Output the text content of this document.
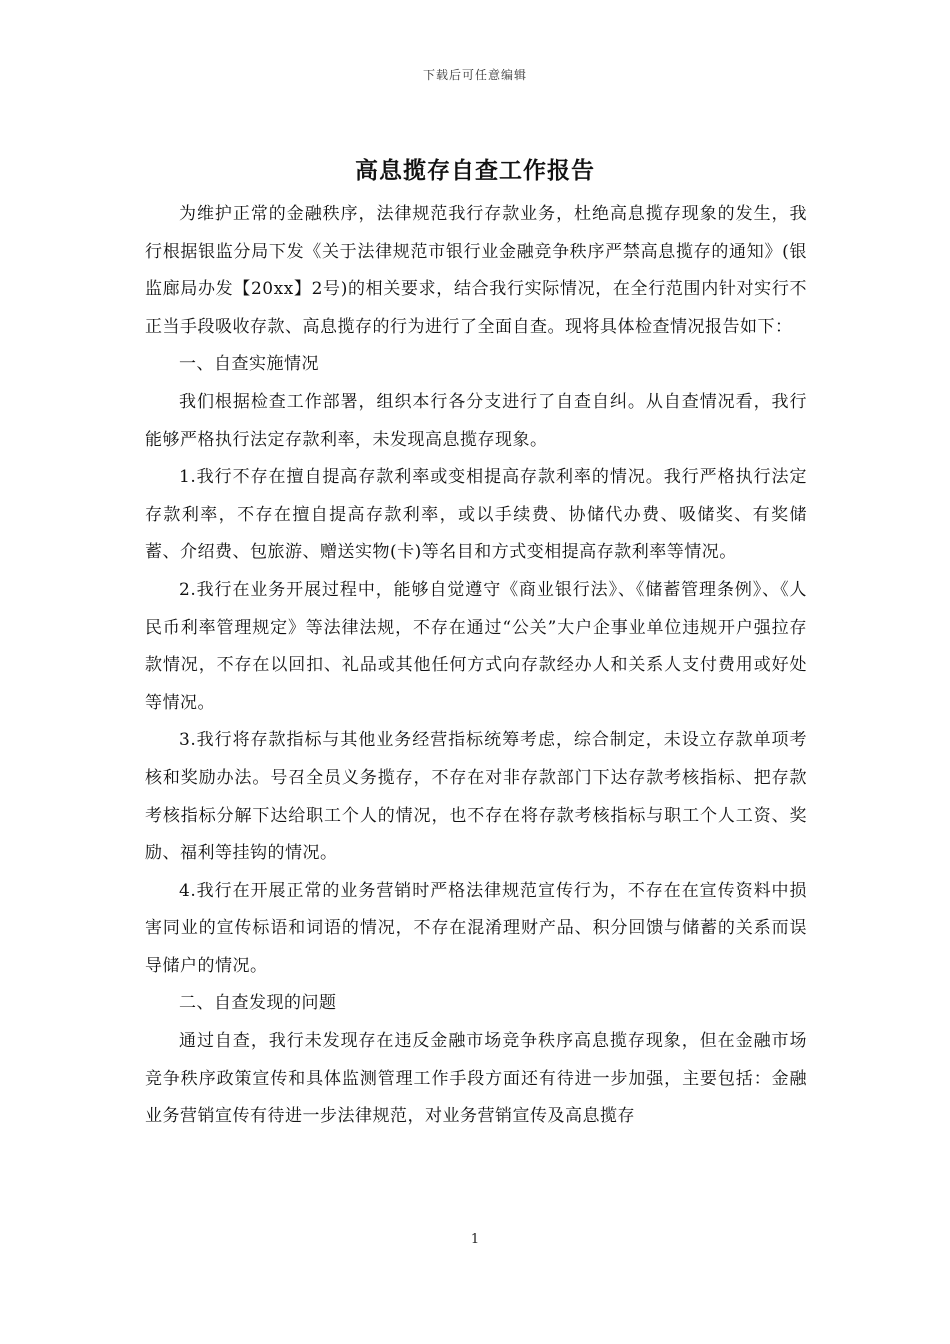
下载后可任意编辑
高息揽存自查工作报告

为维护正常的金融秩序，法律规范我行存款业务，杜绝高息揽存现象的发生，我行根据银监分局下发《关于法律规范市银行业金融竞争秩序严禁高息揽存的通知》(银监廊局办发【20xx】2号)的相关要求，结合我行实际情况，在全行范围内针对实行不正当手段吸收存款、高息揽存的行为进行了全面自查。现将具体检查情况报告如下：

一、自查实施情况

我们根据检查工作部署，组织本行各分支进行了自查自纠。从自查情况看，我行能够严格执行法定存款利率，未发现高息揽存现象。

1.我行不存在擅自提高存款利率或变相提高存款利率的情况。我行严格执行法定存款利率，不存在擅自提高存款利率，或以手续费、协储代办费、吸储奖、有奖储蓄、介绍费、包旅游、赠送实物(卡)等名目和方式变相提高存款利率等情况。

2.我行在业务开展过程中，能够自觉遵守《商业银行法》、《储蓄管理条例》、《人民币利率管理规定》等法律法规，不存在通过“公关”大户企事业单位违规开户强拉存款情况，不存在以回扣、礼品或其他任何方式向存款经办人和关系人支付费用或好处等情况。

3.我行将存款指标与其他业务经营指标统筹考虑，综合制定，未设立存款单项考核和奖励办法。号召全员义务揽存，不存在对非存款部门下达存款考核指标、把存款考核指标分解下达给职工个人的情况，也不存在将存款考核指标与职工个人工资、奖励、福利等挂钩的情况。

4.我行在开展正常的业务营销时严格法律规范宣传行为，不存在在宣传资料中损害同业的宣传标语和词语的情况，不存在混淆理财产品、积分回馈与储蓄的关系而误导储户的情况。

二、自查发现的问题

通过自查，我行未发现存在违反金融市场竞争秩序高息揽存现象，但在金融市场竞争秩序政策宣传和具体监测管理工作手段方面还有待进一步加强，主要包括：金融业务营销宣传有待进一步法律规范，对业务营销宣传及高息揽存

1
